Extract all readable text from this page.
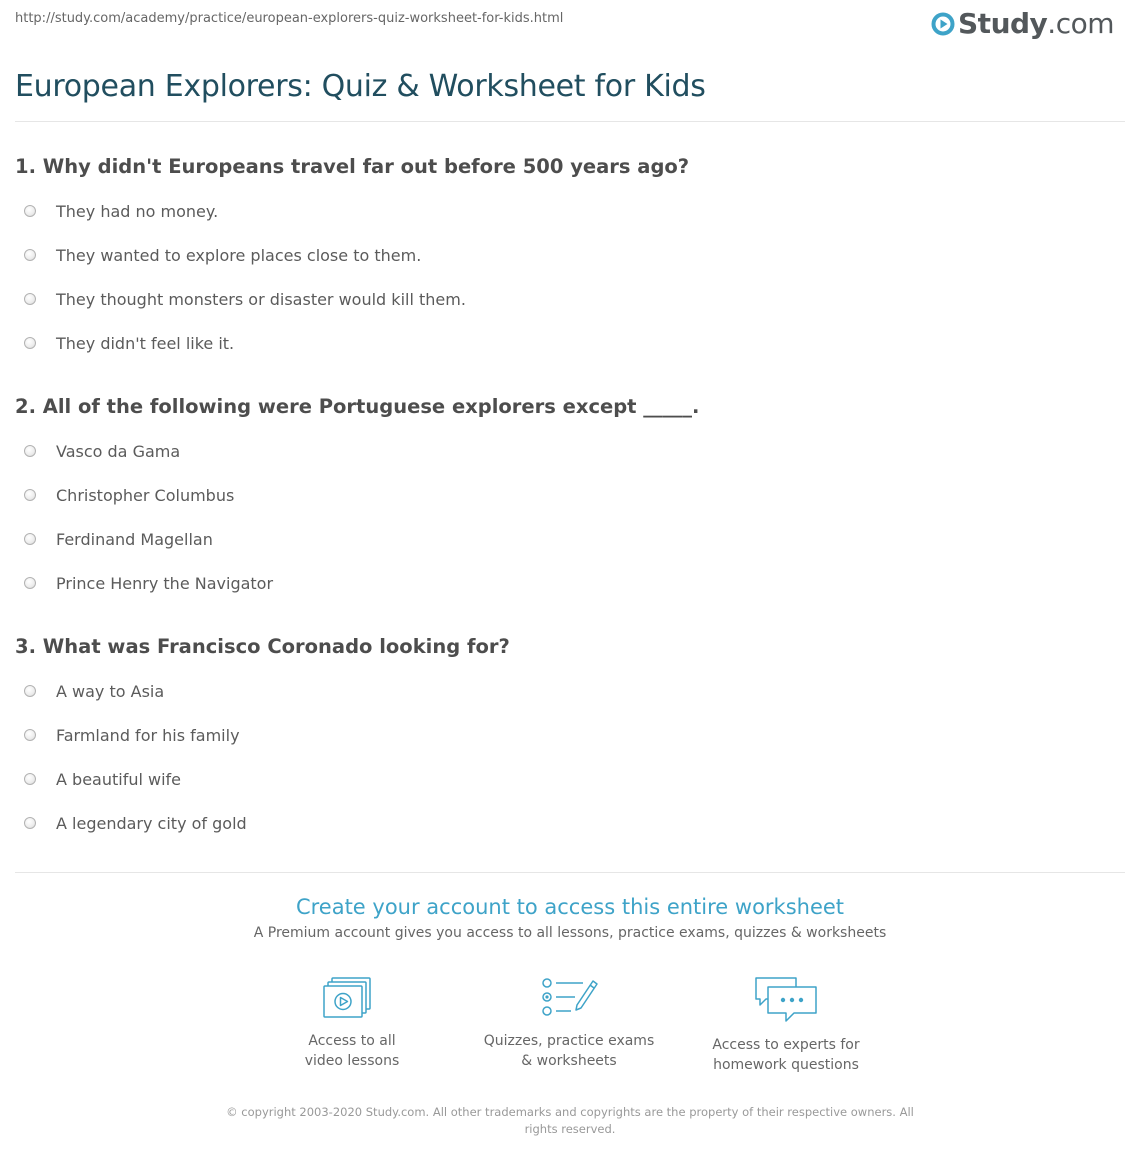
http://study.com/academy/practice/european-explorers-quiz-worksheet-for-kids.html	Study.com
European Explorers: Quiz & Worksheet for Kids

1. Why didn't Europeans travel far out before 500 years ago?

They had no money.
They wanted to explore places close to them.
They thought monsters or disaster would kill them.
They didn't feel like it.

2. All of the following were Portuguese explorers except _____.

Vasco da Gama
Christopher Columbus
Ferdinand Magellan
Prince Henry the Navigator

3. What was Francisco Coronado looking for?

A way to Asia
Farmland for his family
A beautiful wife
A legendary city of gold
Create your account to access this entire worksheet
A Premium account gives you access to all lessons, practice exams, quizzes & worksheets
Access to all
video lessons
Quizzes, practice exams
& worksheets
Access to experts for
homework questions
© copyright 2003-2020 Study.com. All other trademarks and copyrights are the property of their respective owners. All rights reserved.
